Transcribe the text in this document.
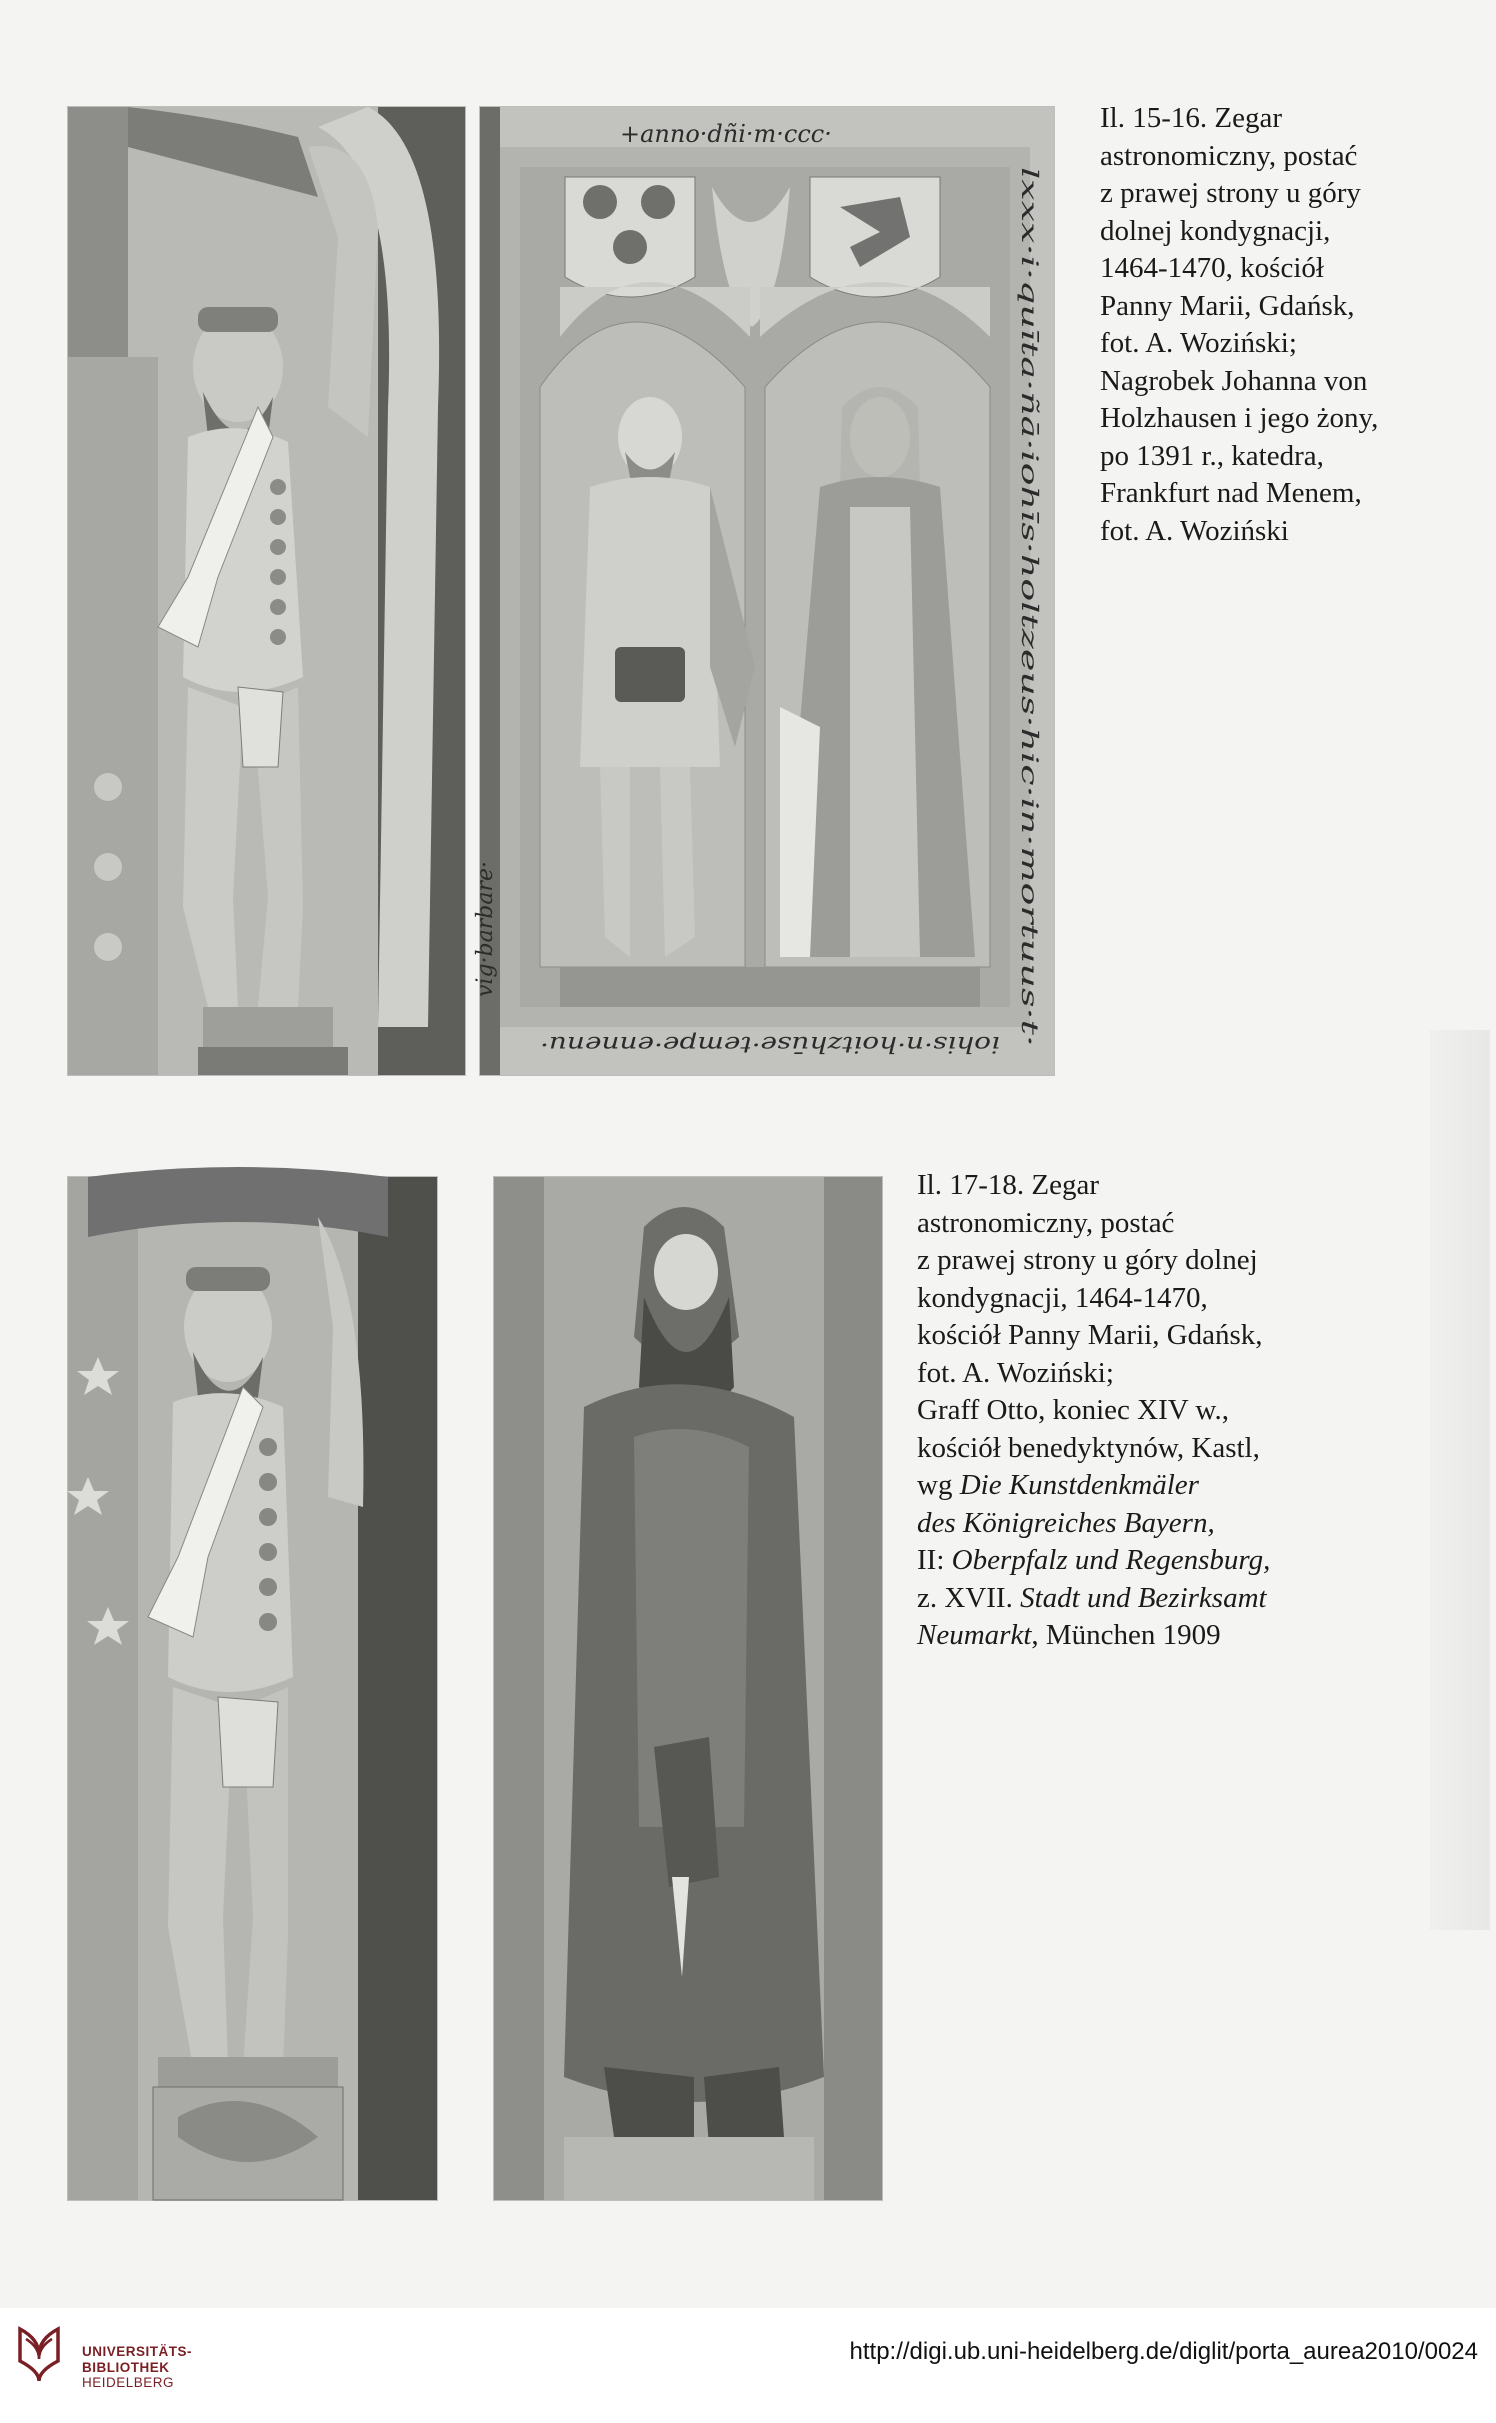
+anno·dñi·m·ccc·
lxxx·i·quīta·ñā·iohīs·holtzeus·hic·in·mortuus·t·
iohis·n·hoitzhūse·tempe·ennenu·
vig·barbare·
Il. 15-16. Zegar
astronomiczny, postać
z prawej strony u góry
dolnej kondygnacji,
1464-1470, kościół
Panny Marii, Gdańsk,
fot. A. Woziński;
Nagrobek Johanna von
Holzhausen i jego żony,
po 1391 r., katedra,
Frankfurt nad Menem,
fot. A. Woziński
Il. 17-18. Zegar
astronomiczny, postać
z prawej strony u góry dolnej
kondygnacji, 1464-1470,
kościół Panny Marii, Gdańsk,
fot. A. Woziński;
Graff Otto, koniec XIV w.,
kościół benedyktynów, Kastl,
wg Die Kunstdenkmäler
des Königreiches Bayern,
II: Oberpfalz und Regensburg,
z. XVII. Stadt und Bezirksamt
Neumarkt, München 1909
UNIVERSITÄTS-
BIBLIOTHEK
HEIDELBERG
http://digi.ub.uni-heidelberg.de/diglit/porta_aurea2010/0024
